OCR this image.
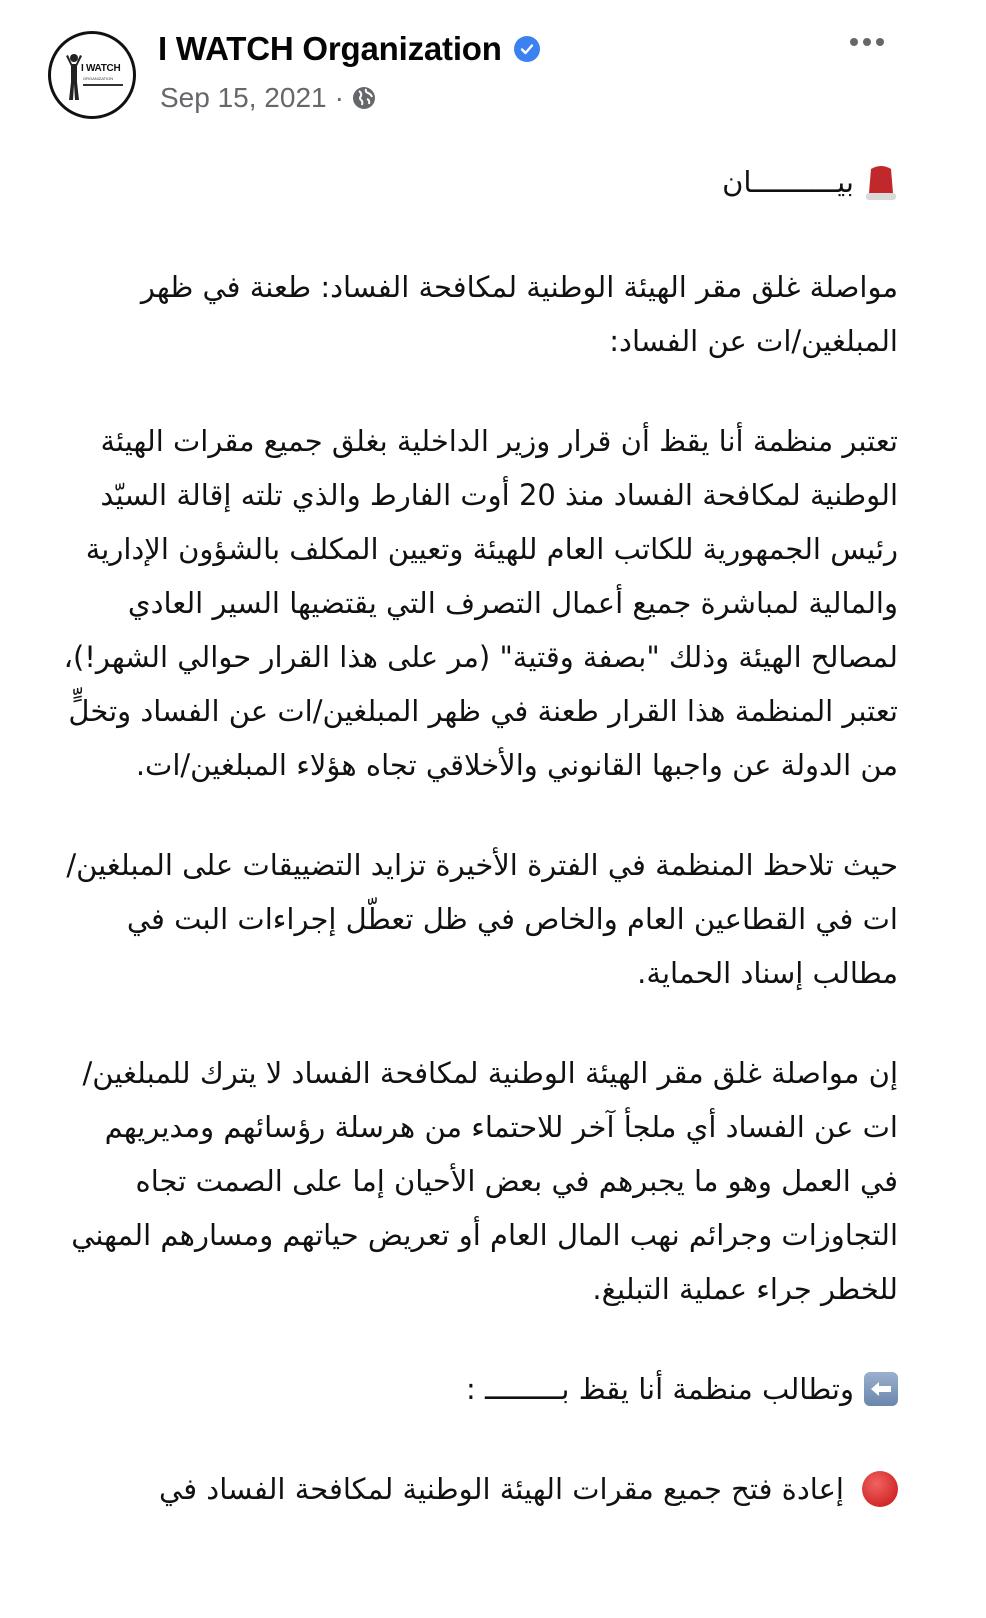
I WATCH
ORGANIZATION
I WATCH Organization
Sep 15, 2021 ·
بيــــــــــان

مواصلة غلق مقر الهيئة الوطنية لمكافحة الفساد: طعنة في ظهر المبلغين/ات عن الفساد:

تعتبر منظمة أنا يقظ أن قرار وزير الداخلية بغلق جميع مقرات الهيئة الوطنية لمكافحة الفساد منذ 20 أوت الفارط والذي تلته إقالة السيّد رئيس الجمهورية للكاتب العام للهيئة وتعيين المكلف بالشؤون الإدارية والمالية لمباشرة جميع أعمال التصرف التي يقتضيها السير العادي لمصالح الهيئة وذلك "بصفة وقتية" (مر على هذا القرار حوالي الشهر!)، تعتبر المنظمة هذا القرار طعنة في ظهر المبلغين/ات عن الفساد وتخلٍّ من الدولة عن واجبها القانوني والأخلاقي تجاه هؤلاء المبلغين/ات.

حيث تلاحظ المنظمة في الفترة الأخيرة تزايد التضييقات على المبلغين/ات في القطاعين العام والخاص في ظل تعطّل إجراءات البت في مطالب إسناد الحماية.

إن مواصلة غلق مقر الهيئة الوطنية لمكافحة الفساد لا يترك للمبلغين/ات عن الفساد أي ملجأ آخر للاحتماء من هرسلة رؤسائهم ومديريهم في العمل وهو ما يجبرهم في بعض الأحيان إما على الصمت تجاه التجاوزات وجرائم نهب المال العام أو تعريض حياتهم ومسارهم المهني للخطر جراء عملية التبليغ.

وتطالب منظمة أنا يقظ بـــــــــ :
إعادة فتح جميع مقرات الهيئة الوطنية لمكافحة الفساد في
